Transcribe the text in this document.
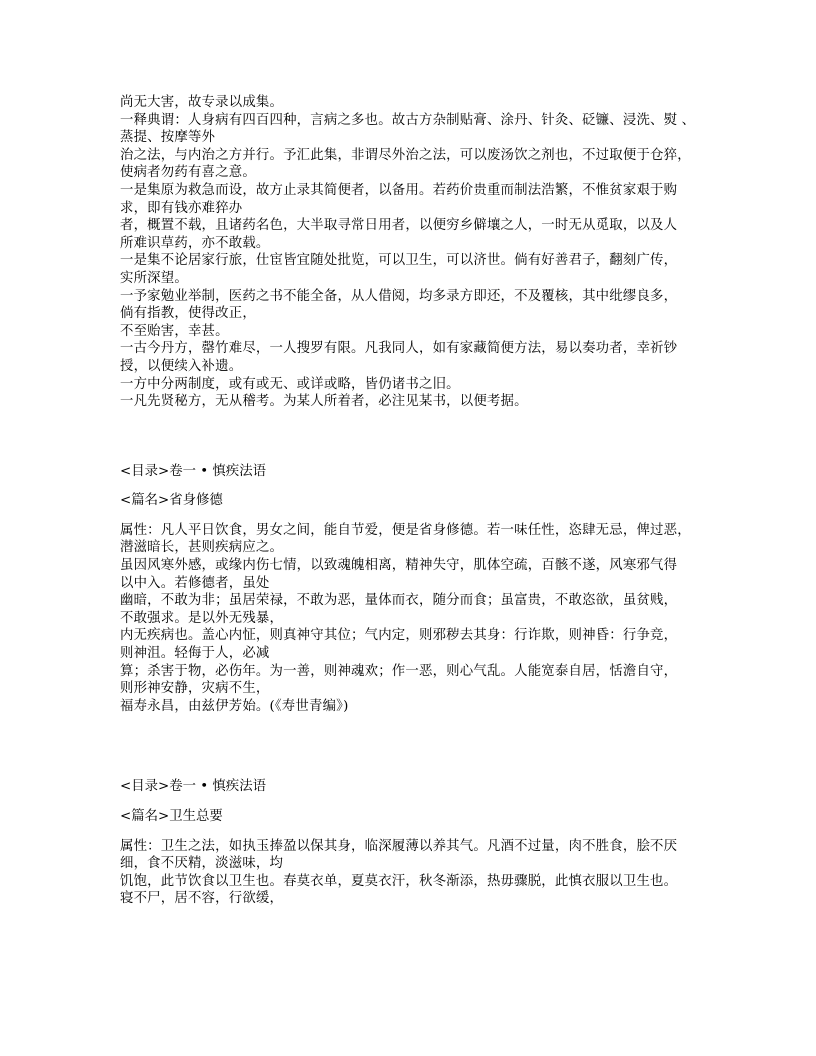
尚无大害，故专录以成集。

一释典谓：人身病有四百四种，言病之多也。故古方杂制贴膏、涂丹、针灸、砭镰、浸洗、熨 、

蒸提、按摩等外

治之法，与内治之方并行。予汇此集，非谓尽外治之法，可以废汤饮之剂也，不过取便于仓猝，

使病者勿药有喜之意。

一是集原为救急而设，故方止录其简便者，以备用。若药价贵重而制法浩繁，不惟贫家艰于购

求，即有钱亦难猝办

者，概置不载，且诸药名色，大半取寻常日用者，以便穷乡僻壤之人，一时无从觅取，以及人

所难识草药，亦不敢载。

一是集不论居家行旅，仕宦皆宜随处批览，可以卫生，可以济世。倘有好善君子，翻刻广传，

实所深望。

一予家勉业举制，医药之书不能全备，从人借阅，均多录方即还，不及覆核，其中纰缪良多，

倘有指教，使得改正，

不至贻害，幸甚。

一古今丹方，罄竹难尽，一人搜罗有限。凡我同人，如有家藏简便方法，易以奏功者，幸祈钞

授，以便续入补遗。

一方中分两制度，或有或无、或详或略，皆仍诸书之旧。

一凡先贤秘方，无从稽考。为某人所着者，必注见某书，以便考据。

<目录>卷一 • 慎疾法语

<篇名>省身修德

属性：凡人平日饮食，男女之间，能自节爱，便是省身修德。若一味任性，恣肆无忌，俾过恶，

潜滋暗长，甚则疾病应之。

虽因风寒外感，或缘内伤七情，以致魂魄相离，精神失守，肌体空疏，百骸不遂，风寒邪气得

以中入。若修德者，虽处

幽暗，不敢为非；虽居荣禄，不敢为恶，量体而衣，随分而食；虽富贵，不敢恣欲，虽贫贱，

不敢强求。是以外无残暴，

内无疾病也。盖心内怔，则真神守其位；气内定，则邪秽去其身：行诈欺，则神昏：行争竞，

则神沮。轻侮于人，必减

算；杀害于物，必伤年。为一善，则神魂欢；作一恶，则心气乱。人能宽泰自居，恬澹自守，

则形神安静，灾病不生，

福寿永昌，由兹伊芳始。(《寿世青编》)

<目录>卷一 • 慎疾法语

<篇名>卫生总要

属性：卫生之法，如执玉捧盈以保其身，临深履薄以养其气。凡酒不过量，肉不胜食，脍不厌

细，食不厌精，淡滋味，均

饥饱，此节饮食以卫生也。春莫衣单，夏莫衣汗，秋冬渐添，热毋骤脱，此慎衣服以卫生也。

寝不尸，居不容，行欲缓，
